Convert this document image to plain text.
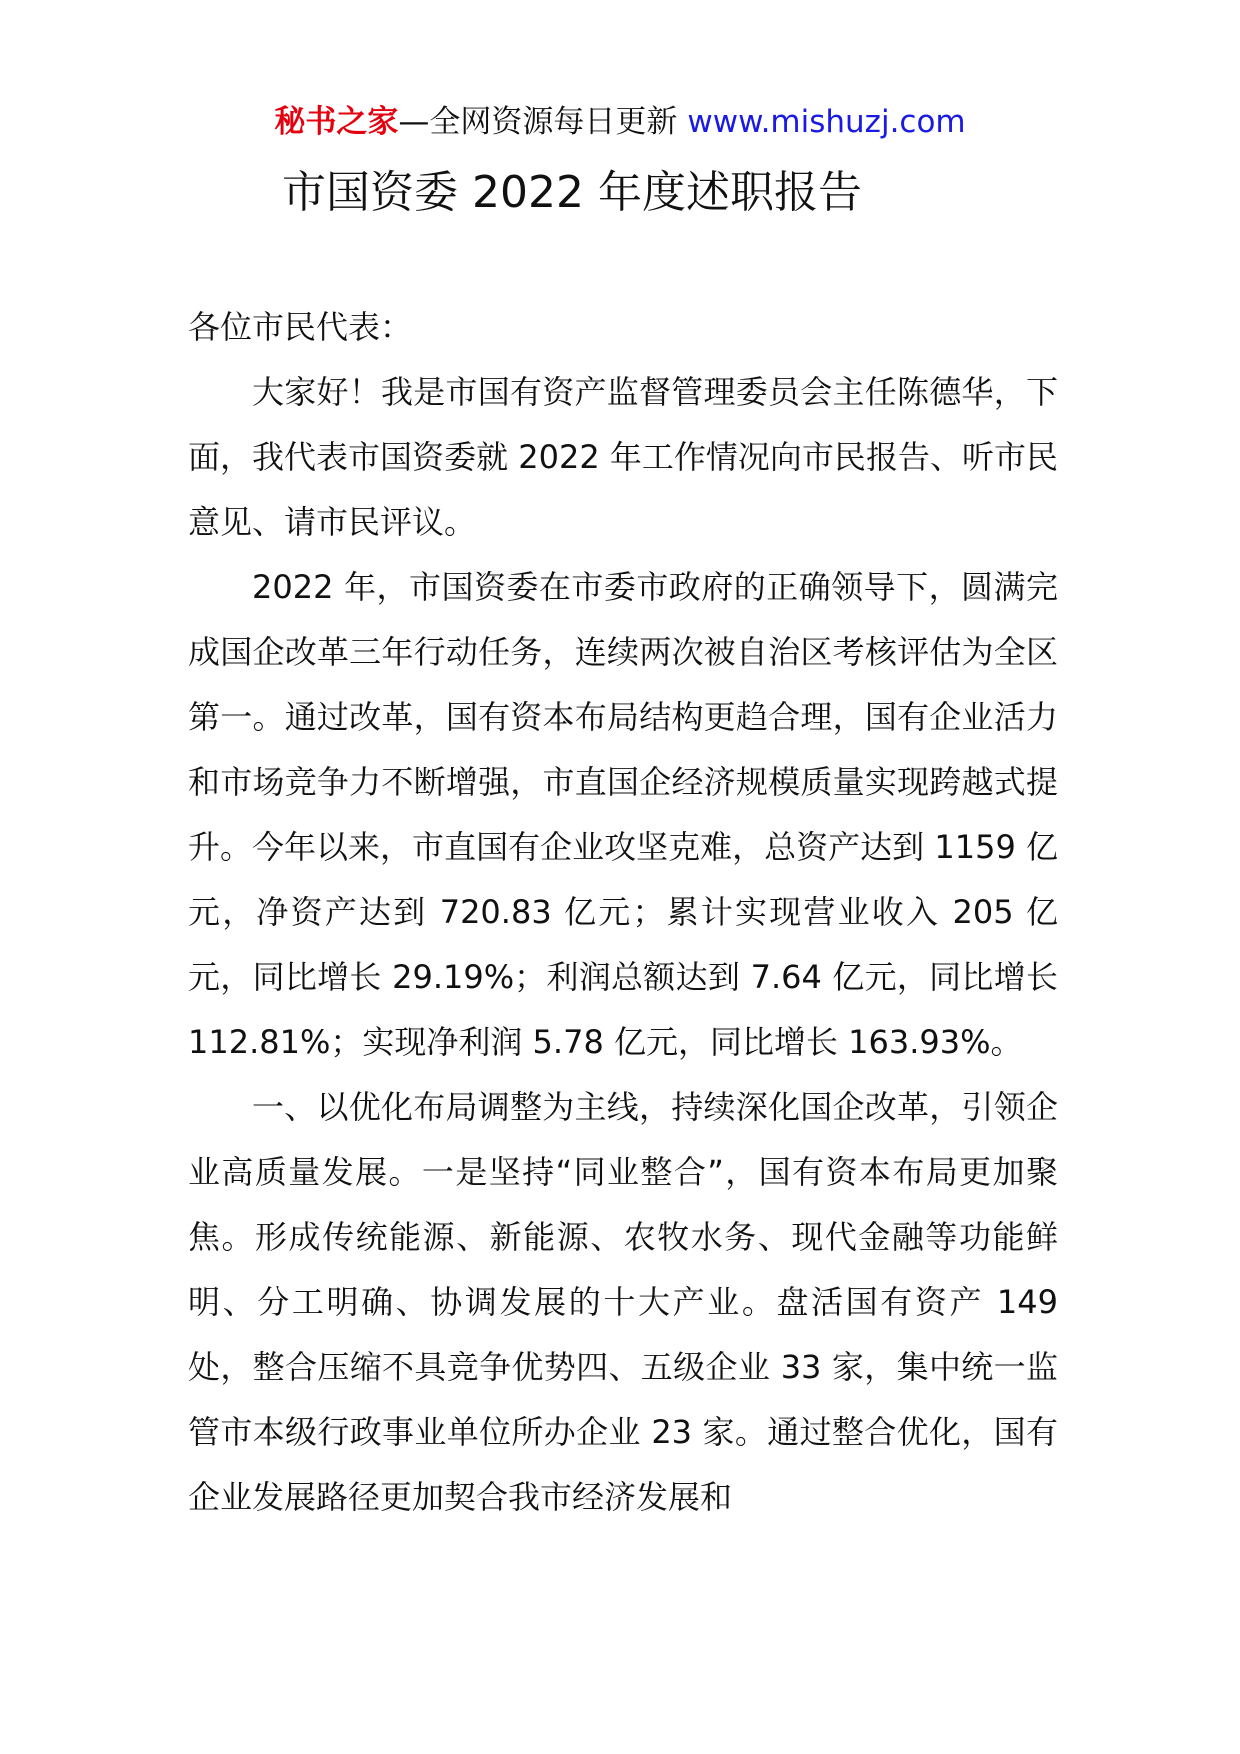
秘书之家—全网资源每日更新 www.mishuzj.com
市国资委 2022 年度述职报告

各位市民代表：

大家好！我是市国有资产监督管理委员会主任陈德华，下面，我代表市国资委就 2022 年工作情况向市民报告、听市民意见、请市民评议。

2022 年，市国资委在市委市政府的正确领导下，圆满完成国企改革三年行动任务，连续两次被自治区考核评估为全区第一。通过改革，国有资本布局结构更趋合理，国有企业活力和市场竞争力不断增强，市直国企经济规模质量实现跨越式提升。今年以来，市直国有企业攻坚克难，总资产达到 1159 亿元，净资产达到 720.83 亿元；累计实现营业收入 205 亿元，同比增长 29.19%；利润总额达到 7.64 亿元，同比增长 112.81%；实现净利润 5.78 亿元，同比增长 163.93%。

一、以优化布局调整为主线，持续深化国企改革，引领企业高质量发展。一是坚持“同业整合”，国有资本布局更加聚焦。形成传统能源、新能源、农牧水务、现代金融等功能鲜明、分工明确、协调发展的十大产业。盘活国有资产 149 处，整合压缩不具竞争优势四、五级企业 33 家，集中统一监管市本级行政事业单位所办企业 23 家。通过整合优化，国有企业发展路径更加契合我市经济发展和
